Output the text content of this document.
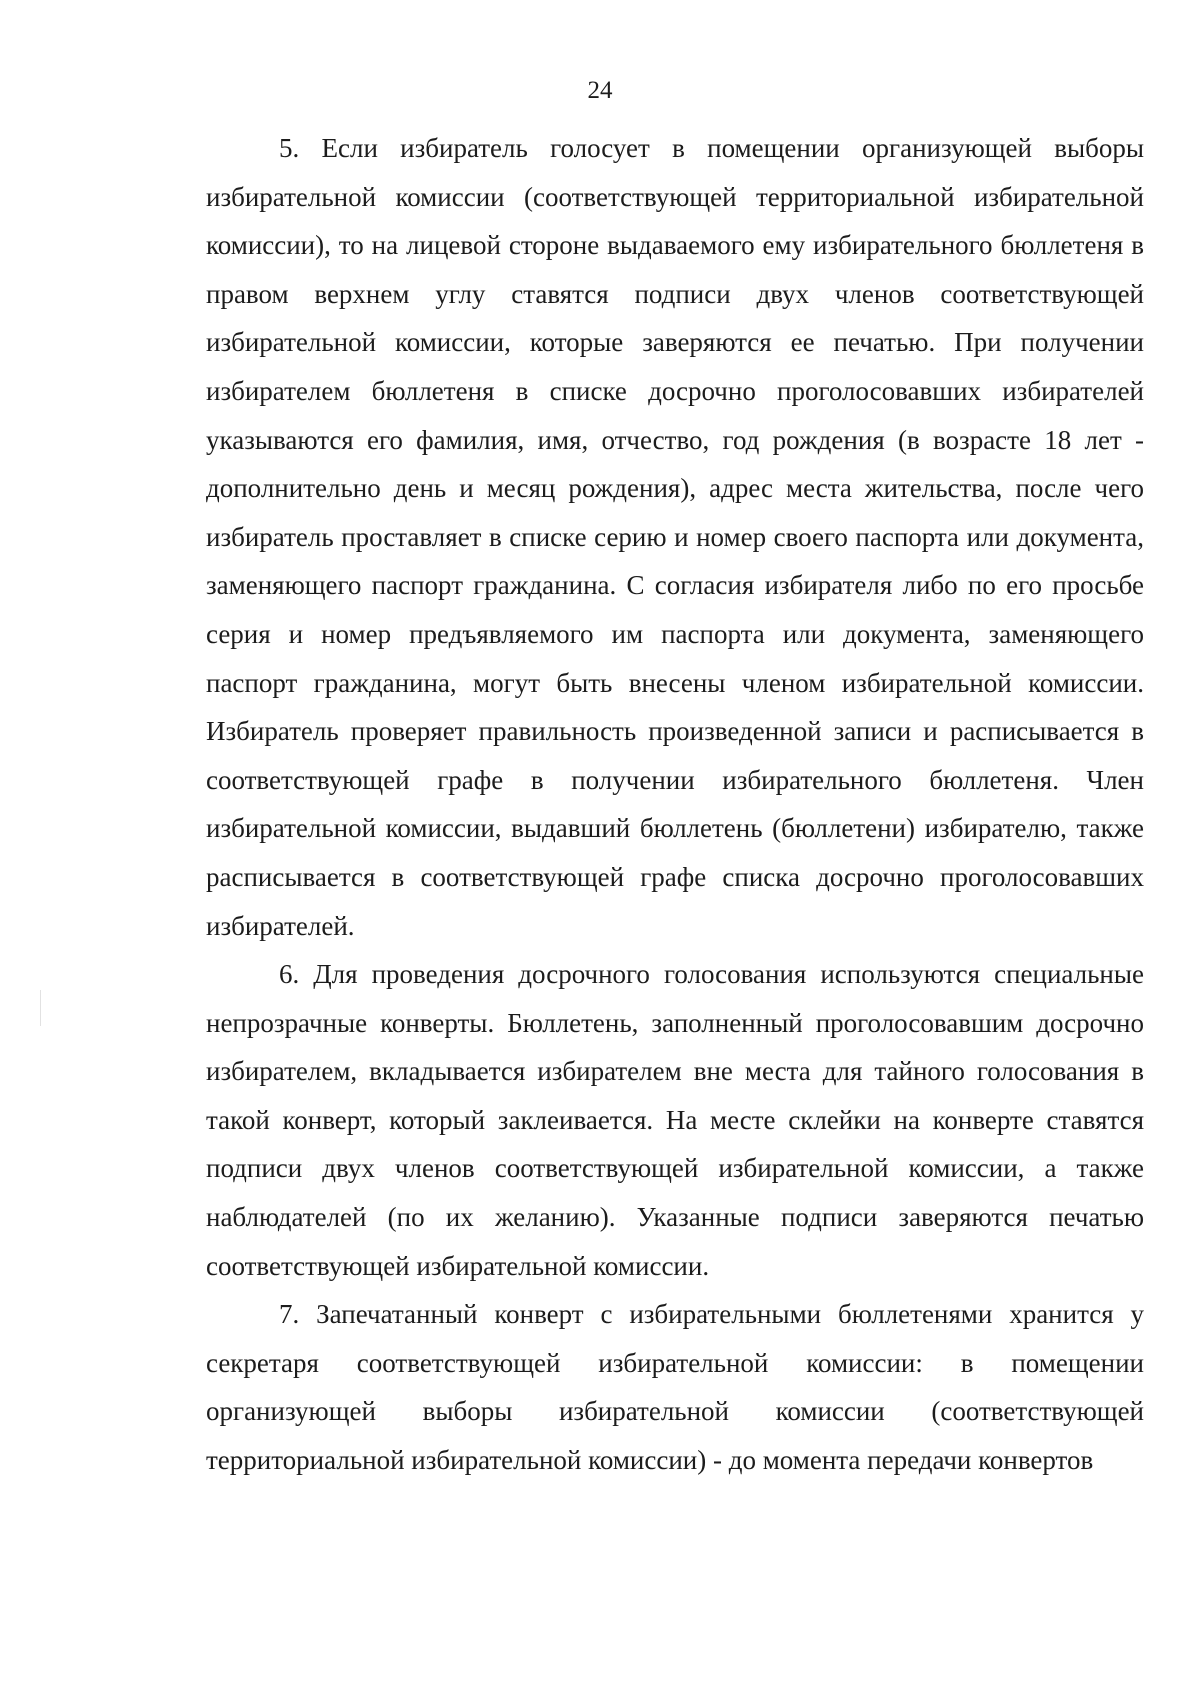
24

5. Если избиратель голосует в помещении организующей выборы избирательной комиссии (соответствующей территориальной избирательной комиссии), то на лицевой стороне выдаваемого ему избирательного бюллетеня в правом верхнем углу ставятся подписи двух членов соответствующей избирательной комиссии, которые заверяются ее печатью. При получении избирателем бюллетеня в списке досрочно проголосовавших избирателей указываются его фамилия, имя, отчество, год рождения (в возрасте 18 лет - дополнительно день и месяц рождения), адрес места жительства, после чего избиратель проставляет в списке серию и номер своего паспорта или документа, заменяющего паспорт гражданина. С согласия избирателя либо по его просьбе серия и номер предъявляемого им паспорта или документа, заменяющего паспорт гражданина, могут быть внесены членом избирательной комиссии. Избиратель проверяет правильность произведенной записи и расписывается в соответствующей графе в получении избирательного бюллетеня. Член избирательной комиссии, выдавший бюллетень (бюллетени) избирателю, также расписывается в соответствующей графе списка досрочно проголосовавших избирателей.

6. Для проведения досрочного голосования используются специальные непрозрачные конверты. Бюллетень, заполненный проголосовавшим досрочно избирателем, вкладывается избирателем вне места для тайного голосования в такой конверт, который заклеивается. На месте склейки на конверте ставятся подписи двух членов соответствующей избирательной комиссии, а также наблюдателей (по их желанию). Указанные подписи заверяются печатью соответствующей избирательной комиссии.

7. Запечатанный конверт с избирательными бюллетенями хранится у секретаря соответствующей избирательной комиссии: в помещении организующей выборы избирательной комиссии (соответствующей территориальной избирательной комиссии) - до момента передачи конвертов
